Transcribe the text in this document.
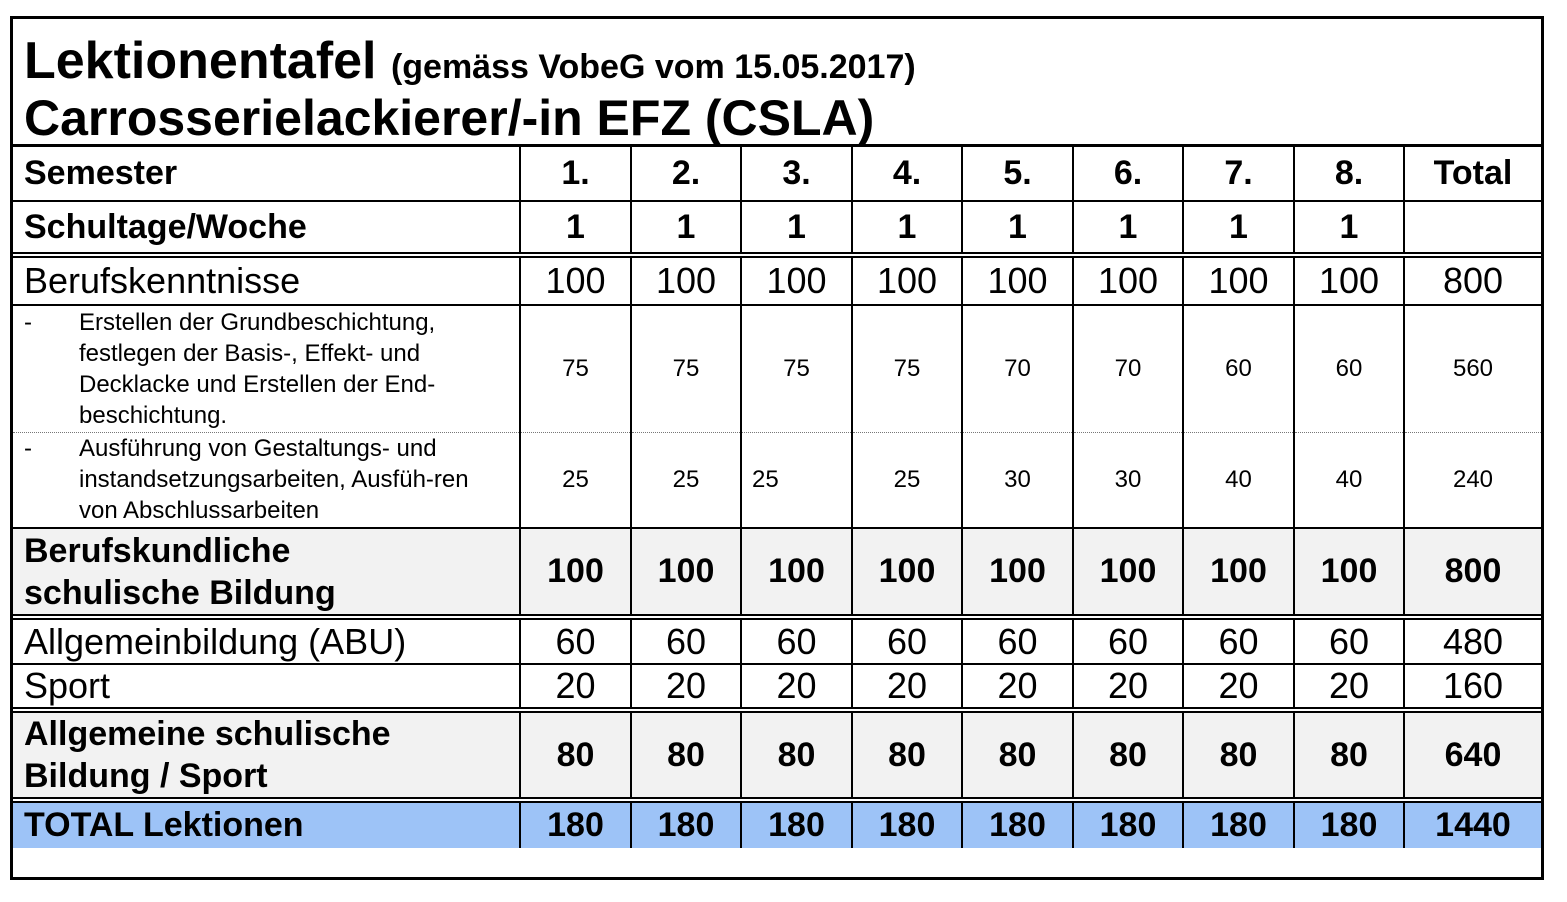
Lektionentafel (gemäss VobeG vom 15.05.2017)
Carrosserielackierer/-in EFZ (CSLA)
Semester	1.	2.	3.	4.	5.	6.	7.	8.	Total
Schultage/Woche	1	1	1	1	1	1	1	1	
Berufskenntnisse	100	100	100	100	100	100	100	100	800

- Erstellen der Grundbeschichtung, festlegen der Basis-, Effekt- und Decklacke und Erstellen der End-beschichtung.	75	75	75	75	70	70	60	60	560

- Ausführung von Gestaltungs- und instandsetzungsarbeiten, Ausfüh-ren von Abschlussarbeiten	25	25	25	25	30	30	40	40	240
Berufskundliche
schulische Bildung	100	100	100	100	100	100	100	100	800
Allgemeinbildung (ABU)	60	60	60	60	60	60	60	60	480
Sport	20	20	20	20	20	20	20	20	160
Allgemeine schulische
Bildung / Sport	80	80	80	80	80	80	80	80	640
TOTAL Lektionen	180	180	180	180	180	180	180	180	1440
